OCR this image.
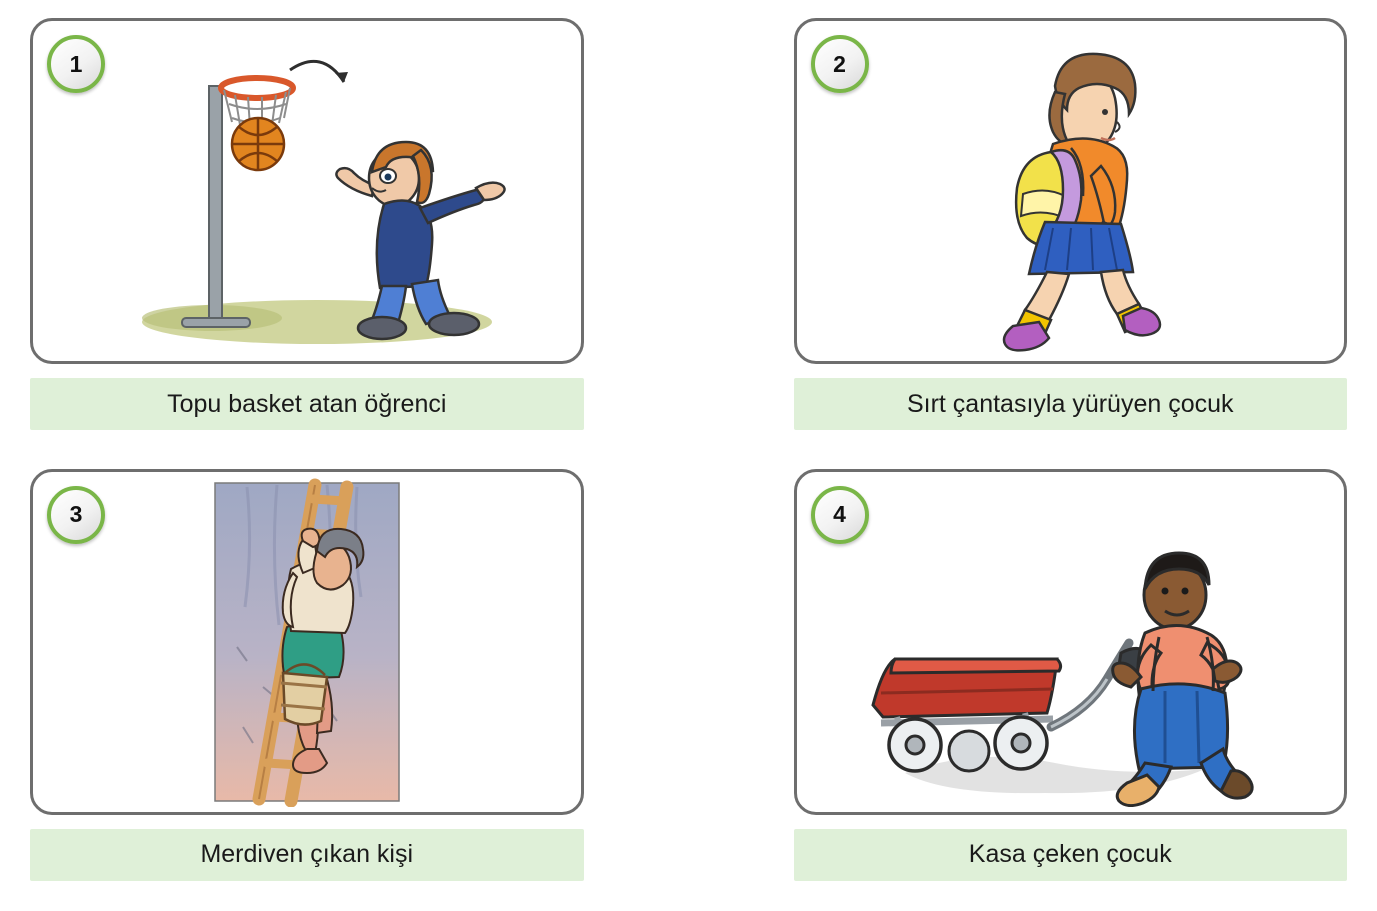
1
Topu basket atan öğrenci
2
Sırt çantasıyla yürüyen çocuk
3
Merdiven çıkan kişi
4
Kasa çeken çocuk
